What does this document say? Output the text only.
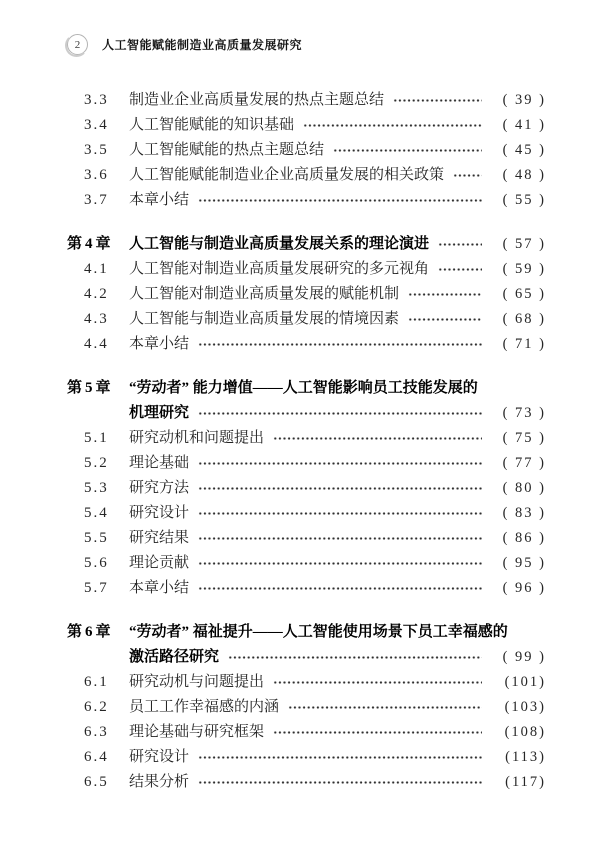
2 人工智能赋能制造业高质量发展研究
3.3	制造业企业高质量发展的热点主题总结	( 39 )
3.4	人工智能赋能的知识基础	( 41 )
3.5	人工智能赋能的热点主题总结	( 45 )
3.6	人工智能赋能制造业企业高质量发展的相关政策	( 48 )
3.7	本章小结	( 55 )
第4章	人工智能与制造业高质量发展关系的理论演进	( 57 )
4.1	人工智能对制造业高质量发展研究的多元视角	( 59 )
4.2	人工智能对制造业高质量发展的赋能机制	( 65 )
4.3	人工智能与制造业高质量发展的情境因素	( 68 )
4.4	本章小结	( 71 )
第5章	“劳动者” 能力增值——人工智能影响员工技能发展的
机理研究	( 73 )
5.1	研究动机和问题提出	( 75 )
5.2	理论基础	( 77 )
5.3	研究方法	( 80 )
5.4	研究设计	( 83 )
5.5	研究结果	( 86 )
5.6	理论贡献	( 95 )
5.7	本章小结	( 96 )
第6章	“劳动者” 福祉提升——人工智能使用场景下员工幸福感的
激活路径研究	( 99 )
6.1	研究动机与问题提出	(101)
6.2	员工工作幸福感的内涵	(103)
6.3	理论基础与研究框架	(108)
6.4	研究设计	(113)
6.5	结果分析	(117)
